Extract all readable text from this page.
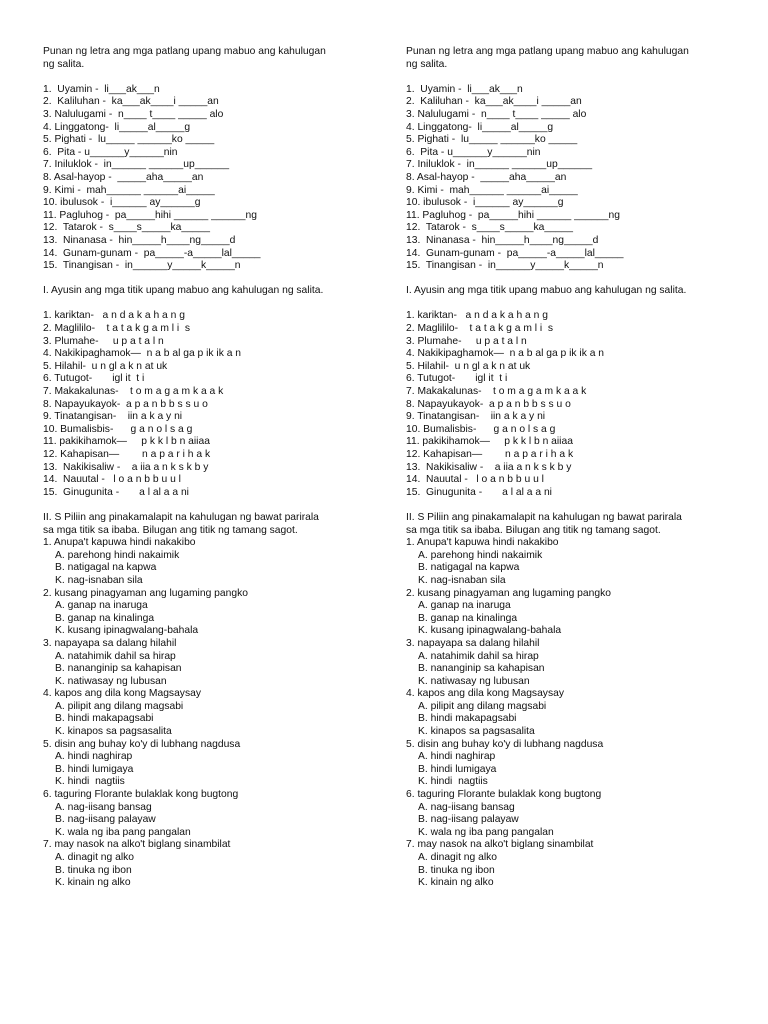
Punan ng letra ang mga patlang upang mabuo ang kahulugan
ng salita.
1.  Uyamin -  li___ak___n
2.  Kaliluhan -  ka___ak____i _____an
3. Nalulugami -  n____ t____ _____ alo
4. Linggatong-  li_____al_____g
5. Pighati -  lu_____ ______ko _____
6.  Pita - u______y______nin
7. Iniluklok -  in______ ______up______
8. Asal-hayop -  _____aha_____an
9. Kimi -  mah______ ______ai_____
10. ibulusok -  i______ ay______g
11. Pagluhog -  pa_____hihi ______ ______ng
12.  Tatarok -  s____s_____ka_____
13.  Ninanasa -  hin_____h____ng_____d
14.  Gunam-gunam -  pa_____-a_____lal_____
15.  Tinangisan -  in______y_____k_____n
I. Ayusin ang mga titik upang mabuo ang kahulugan ng salita.
1. kariktan-   a n d a k a h a n g
2. Maglililo-    t a t a k g a m l i  s
3. Plumahe-     u p a t a l n
4. Nakikipaghamok—  n a b al ga p ik ik a n
5. Hilahil-  u n gl a k n at uk
6. Tutugot-       igl it  t i
7. Makakalunas-    t o m a g a m k a a k
8. Napayukayok-  a p a n b b s s u o
9. Tinatangisan-    iin a k a y ni
10. Bumalisbis-      g a n o l s a g
11. pakikihamok—     p k k l b n aiiaa
12. Kahapisan—        n a p a r i h a k
13.  Nakikisaliw -    a iia a n k s k b y
14.  Nauutal -   l o a n b b u u l
15.  Ginugunita -       a l al a a ni
II. S Piliin ang pinakamalapit na kahulugan ng bawat parirala
sa mga titik sa ibaba. Bilugan ang titik ng tamang sagot.
1. Anupa't kapuwa hindi nakakibo
A. parehong hindi nakaimik
B. natigagal na kapwa
K. nag-isnaban sila
2. kusang pinagyaman ang lugaming pangko
A. ganap na inaruga
B. ganap na kinalinga
K. kusang ipinagwalang-bahala
3. napayapa sa dalang hilahil
A. natahimik dahil sa hirap
B. nananginip sa kahapisan
K. natiwasay ng lubusan
4. kapos ang dila kong Magsaysay
A. pilipit ang dilang magsabi
B. hindi makapagsabi
K. kinapos sa pagsasalita
5. disin ang buhay ko'y di lubhang nagdusa
A. hindi naghirap
B. hindi lumigaya
K. hindi  nagtiis
6. taguring Florante bulaklak kong bugtong
A. nag-iisang bansag
B. nag-iisang palayaw
K. wala ng iba pang pangalan
7. may nasok na alko't biglang sinambilat
A. dinagit ng alko
B. tinuka ng ibon
K. kinain ng alko
Punan ng letra ang mga patlang upang mabuo ang kahulugan
ng salita.
1.  Uyamin -  li___ak___n
2.  Kaliluhan -  ka___ak____i _____an
3. Nalulugami -  n____ t____ _____ alo
4. Linggatong-  li_____al_____g
5. Pighati -  lu_____ ______ko _____
6.  Pita - u______y______nin
7. Iniluklok -  in______ ______up______
8. Asal-hayop -  _____aha_____an
9. Kimi -  mah______ ______ai_____
10. ibulusok -  i______ ay______g
11. Pagluhog -  pa_____hihi ______ ______ng
12.  Tatarok -  s____s_____ka_____
13.  Ninanasa -  hin_____h____ng_____d
14.  Gunam-gunam -  pa_____-a_____lal_____
15.  Tinangisan -  in______y_____k_____n
I. Ayusin ang mga titik upang mabuo ang kahulugan ng salita.
1. kariktan-   a n d a k a h a n g
2. Maglililo-    t a t a k g a m l i  s
3. Plumahe-     u p a t a l n
4. Nakikipaghamok—  n a b al ga p ik ik a n
5. Hilahil-  u n gl a k n at uk
6. Tutugot-       igl it  t i
7. Makakalunas-    t o m a g a m k a a k
8. Napayukayok-  a p a n b b s s u o
9. Tinatangisan-    iin a k a y ni
10. Bumalisbis-      g a n o l s a g
11. pakikihamok—     p k k l b n aiiaa
12. Kahapisan—        n a p a r i h a k
13.  Nakikisaliw -    a iia a n k s k b y
14.  Nauutal -   l o a n b b u u l
15.  Ginugunita -       a l al a a ni
II. S Piliin ang pinakamalapit na kahulugan ng bawat parirala
sa mga titik sa ibaba. Bilugan ang titik ng tamang sagot.
1. Anupa't kapuwa hindi nakakibo
A. parehong hindi nakaimik
B. natigagal na kapwa
K. nag-isnaban sila
2. kusang pinagyaman ang lugaming pangko
A. ganap na inaruga
B. ganap na kinalinga
K. kusang ipinagwalang-bahala
3. napayapa sa dalang hilahil
A. natahimik dahil sa hirap
B. nananginip sa kahapisan
K. natiwasay ng lubusan
4. kapos ang dila kong Magsaysay
A. pilipit ang dilang magsabi
B. hindi makapagsabi
K. kinapos sa pagsasalita
5. disin ang buhay ko'y di lubhang nagdusa
A. hindi naghirap
B. hindi lumigaya
K. hindi  nagtiis
6. taguring Florante bulaklak kong bugtong
A. nag-iisang bansag
B. nag-iisang palayaw
K. wala ng iba pang pangalan
7. may nasok na alko't biglang sinambilat
A. dinagit ng alko
B. tinuka ng ibon
K. kinain ng alko
